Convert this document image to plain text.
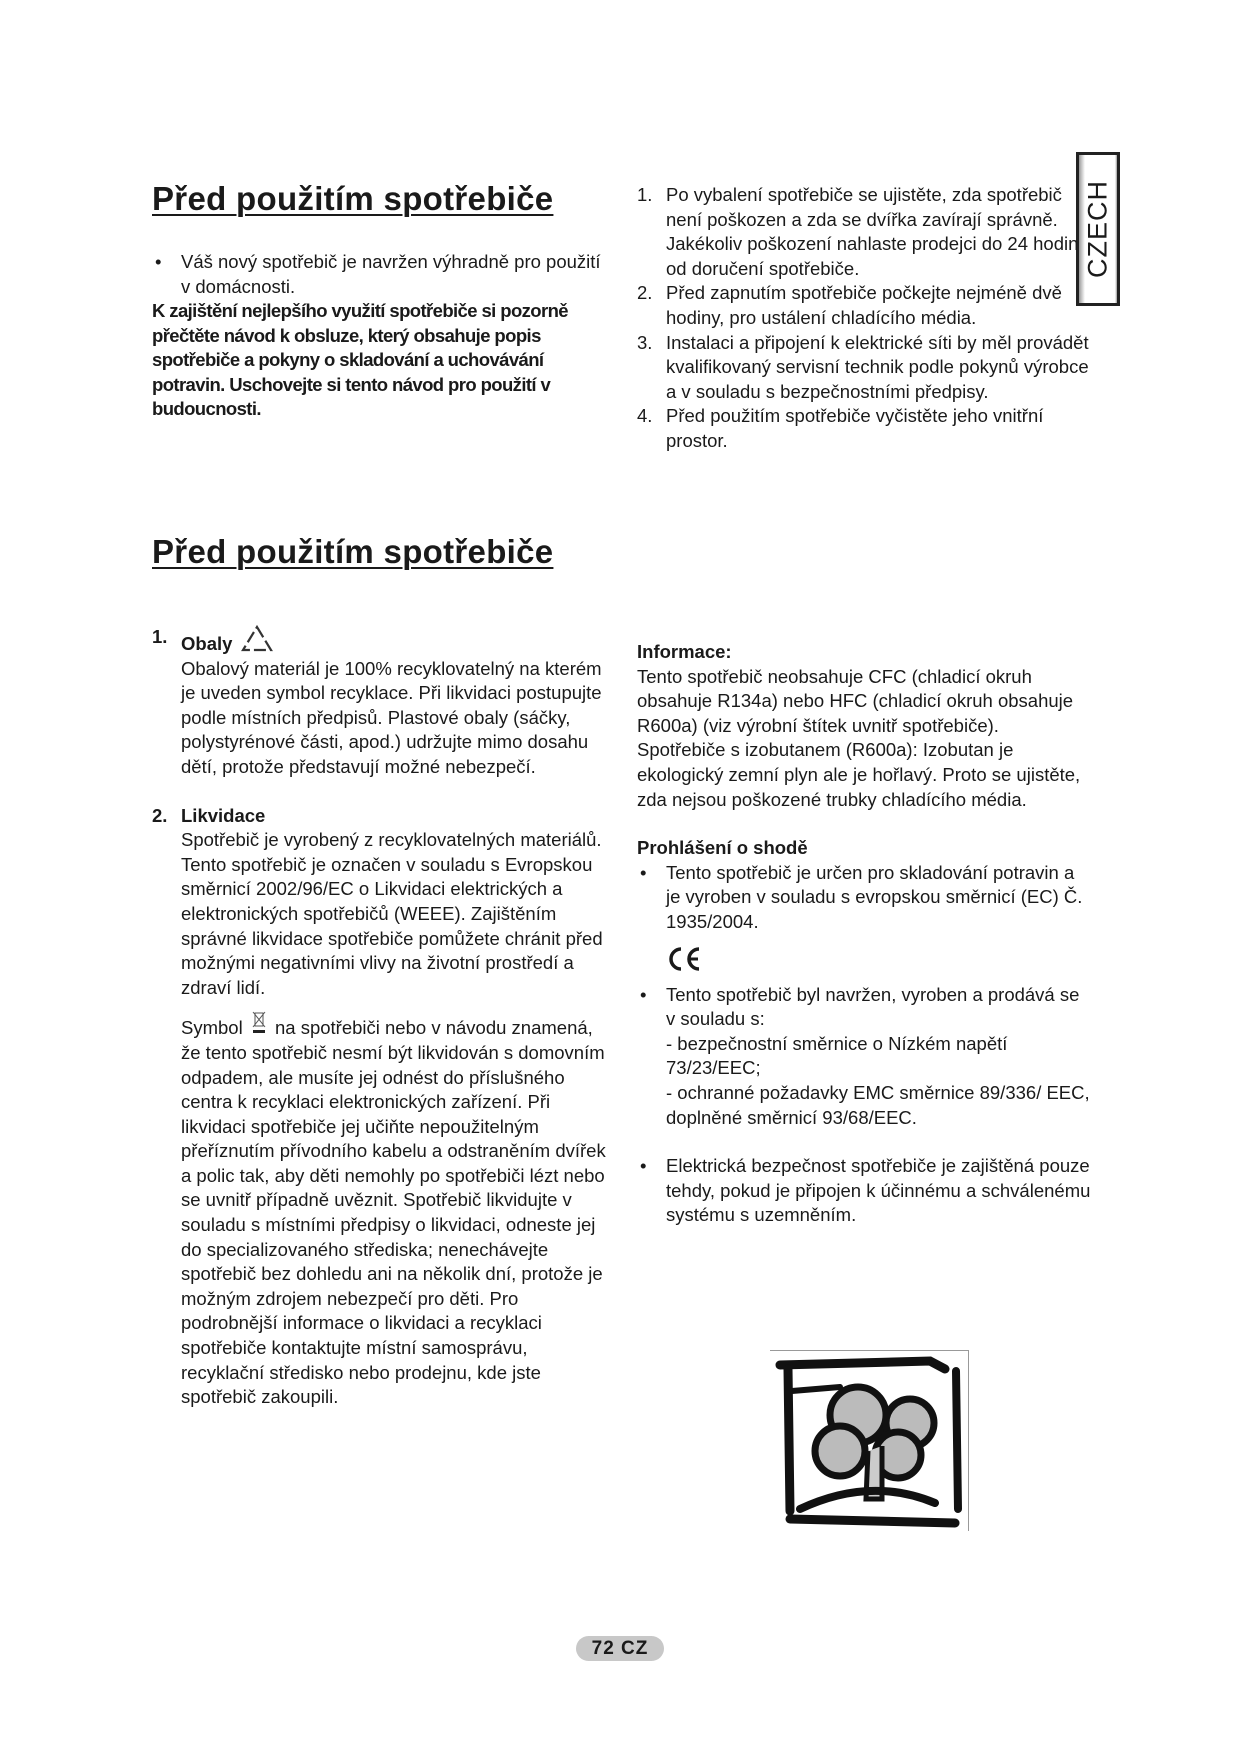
CZECH
Před použitím spotřebiče
• Váš nový spotřebič je navržen výhradně pro použití v domácnosti.
K zajištění nejlepšího využití spotřebiče si pozorně přečtěte návod k obsluze, který obsahuje popis spotřebiče a pokyny o skladování a uchovávání potravin. Uschovejte si tento návod pro použití v budoucnosti.
1. Po vybalení spotřebiče se ujistěte, zda spotřebič není poškozen a zda se dvířka zavírají správně. Jakékoliv poškození nahlaste prodejci do 24 hodin od doručení spotřebiče.
2. Před zapnutím spotřebiče počkejte nejméně dvě hodiny, pro ustálení chladícího média.
3. Instalaci a připojení k elektrické síti by měl provádět kvalifikovaný servisní technik podle pokynů výrobce a v souladu s bezpečnostními předpisy.
4. Před použitím spotřebiče vyčistěte jeho vnitřní prostor.
Před použitím spotřebiče
1. Obaly
Obalový materiál je 100% recyklovatelný na kterém je uveden symbol recyklace. Při likvidaci postupujte podle místních předpisů. Plastové obaly (sáčky, polystyrénové části, apod.) udržujte mimo dosahu dětí, protože představují možné nebezpečí.
2. Likvidace
Spotřebič je vyrobený z recyklovatelných materiálů. Tento spotřebič je označen v souladu s Evropskou směrnicí 2002/96/EC o Likvidaci elektrických a elektronických spotřebičů (WEEE). Zajištěním správné likvidace spotřebiče pomůžete chránit před možnými negativními vlivy na životní prostředí a zdraví lidí.
Symbol na spotřebiči nebo v návodu znamená, že tento spotřebič nesmí být likvidován s domovním odpadem, ale musíte jej odnést do příslušného centra k recyklaci elektronických zařízení. Při likvidaci spotřebiče jej učiňte nepoužitelným přeříznutím přívodního kabelu a odstraněním dvířek a polic tak, aby děti nemohly po spotřebiči lézt nebo se uvnitř případně uvěznit. Spotřebič likvidujte v souladu s místními předpisy o likvidaci, odneste jej do specializovaného střediska; nenechávejte spotřebič bez dohledu ani na několik dní, protože je možným zdrojem nebezpečí pro děti. Pro podrobnější informace o likvidaci a recyklaci spotřebiče kontaktujte místní samosprávu, recyklační středisko nebo prodejnu, kde jste spotřebič zakoupili.
Informace:
Tento spotřebič neobsahuje CFC (chladicí okruh obsahuje R134a) nebo HFC (chladicí okruh obsahuje R600a) (viz výrobní štítek uvnitř spotřebiče).
Spotřebiče s izobutanem (R600a): Izobutan je ekologický zemní plyn ale je hořlavý. Proto se ujistěte, zda nejsou poškozené trubky chladícího média.
Prohlášení o shodě
• Tento spotřebič je určen pro skladování potravin a je vyroben v souladu s evropskou směrnicí (EC) Č. 1935/2004.
• Tento spotřebič byl navržen, vyroben a prodává se v souladu s:
- bezpečnostní směrnice o Nízkém napětí 73/23/EEC;
- ochranné požadavky EMC směrnice 89/336/ EEC, doplněné směrnicí 93/68/EEC.
• Elektrická bezpečnost spotřebiče je zajištěná pouze tehdy, pokud je připojen k účinnému a schválenému systému s uzemněním.
72 CZ
